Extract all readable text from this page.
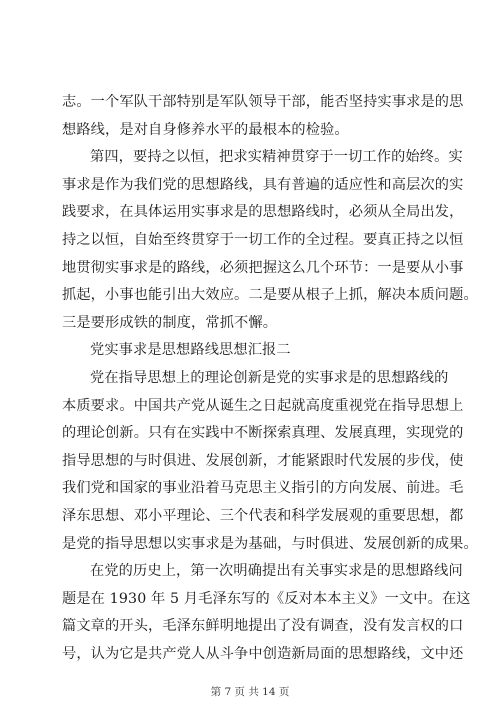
志。一个军队干部特别是军队领导干部，能否坚持实事求是的思
想路线，是对自身修养水平的最根本的检验。
第四，要持之以恒，把求实精神贯穿于一切工作的始终。实
事求是作为我们党的思想路线，具有普遍的适应性和高层次的实
践要求，在具体运用实事求是的思想路线时，必须从全局出发，
持之以恒，自始至终贯穿于一切工作的全过程。要真正持之以恒
地贯彻实事求是的路线，必须把握这么几个环节：一是要从小事
抓起，小事也能引出大效应。二是要从根子上抓，解决本质问题。
三是要形成铁的制度，常抓不懈。
党实事求是思想路线思想汇报二
党在指导思想上的理论创新是党的实事求是的思想路线的
本质要求。中国共产党从诞生之日起就高度重视党在指导思想上
的理论创新。只有在实践中不断探索真理、发展真理，实现党的
指导思想的与时俱进、发展创新，才能紧跟时代发展的步伐，使
我们党和国家的事业沿着马克思主义指引的方向发展、前进。毛
泽东思想、邓小平理论、三个代表和科学发展观的重要思想，都
是党的指导思想以实事求是为基础，与时俱进、发展创新的成果。
在党的历史上，第一次明确提出有关事实求是的思想路线问
题是在 1930 年 5 月毛泽东写的《反对本本主义》一文中。在这
篇文章的开头，毛泽东鲜明地提出了没有调查，没有发言权的口
号，认为它是共产党人从斗争中创造新局面的思想路线，文中还
第 7 页 共 14 页
